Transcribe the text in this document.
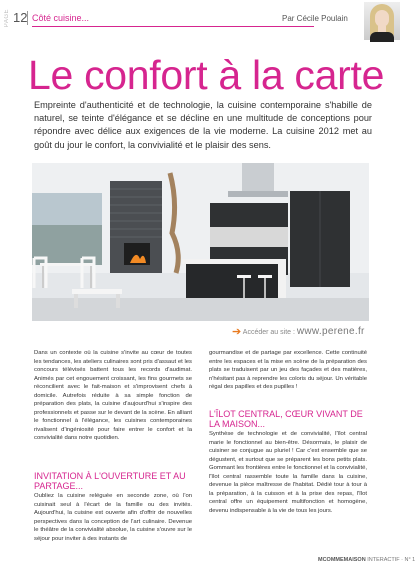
PAGE 12 Côté cuisine...	Par Cécile Poulain
Le confort à la carte
Empreinte d'authenticité et de technologie, la cuisine contemporaine s'habille de naturel, se teinte d'élégance et se décline en une multitude de conceptions pour répondre avec délice aux exigences de la vie moderne. La cuisine 2012 met au goût du jour le confort, la convivialité et le plaisir des sens.
➔ Accéder au site : www.perene.fr
Dans un contexte où la cuisine s'invite au cœur de toutes les tendances, les ateliers culinaires sont pris d'assaut et les concours télévisés battent tous les records d'audimat. Animés par cet engouement croissant, les fins gourmets se réconcilient avec le fait-maison et s'improvisent chefs à domicile. Autrefois réduite à sa simple fonction de préparation des plats, la cuisine d'aujourd'hui s'inspire des professionnels et passe sur le devant de la scène. En alliant le fonctionnel à l'élégance, les cuisines contemporaines rivalisent d'ingéniosité pour faire entrer le confort et la convivialité dans notre quotidien.
INVITATION À L'OUVERTURE ET AU PARTAGE...
Oubliez la cuisine reléguée en seconde zone, où l'on cuisinait seul à l'écart de la famille ou des invités. Aujourd'hui, la cuisine est ouverte afin d'offrir de nouvelles perspectives dans la conception de l'art culinaire. Devenue le théâtre de la convivialité absolue, la cuisine s'ouvre sur le séjour pour inviter à des instants de
gourmandise et de partage par excellence. Cette continuité entre les espaces et la mise en scène de la préparation des plats se traduisent par un jeu des façades et des matières, n'hésitant pas à reprendre les coloris du séjour. Un véritable régal des papilles et des pupilles !
L'ÎLOT CENTRAL, CŒUR VIVANT DE LA MAISON...
Synthèse de technologie et de convivialité, l'îlot central marie le fonctionnel au bien-être. Désormais, le plaisir de cuisiner se conjugue au pluriel ! Car c'est ensemble que se dégustent, et surtout que se préparent les bons petits plats. Gommant les frontières entre le fonctionnel et la convivialité, l'îlot central rassemble toute la famille dans la cuisine, devenue la pièce maîtresse de l'habitat. Dédié tour à tour à la préparation, à la cuisson et à la prise des repas, l'îlot central offre un équipement multifonction et homogène, devenu indispensable à la vie de tous les jours.
MCOMMEMAISON INTERACTIF · N° 1
